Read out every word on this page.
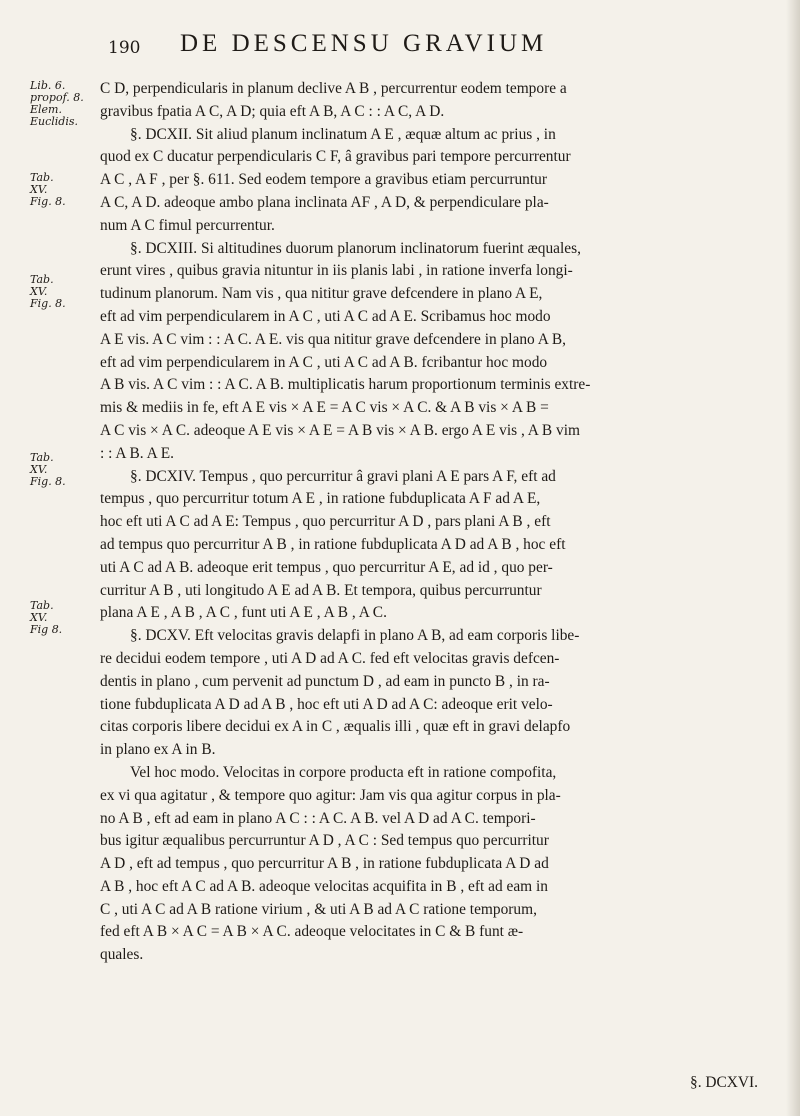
190 DE DESCENSU GRAVIUM
Lib. 6.
propof. 8.
Elem.
Euclidis.
Tab.
XV.
Fig. 8.
Tab.
XV.
Fig. 8.
Tab.
XV.
Fig. 8.
Tab.
XV.
Fig 8.

C D, perpendicularis in planum declive A B , percurrentur eodem tempore a
gravibus fpatia A C, A D; quia eft A B, A C : : A C, A D.

§. DCXII. Sit aliud planum inclinatum A E , æquæ altum ac prius , in
quod ex C ducatur perpendicularis C F, â gravibus pari tempore percurrentur
A C , A F , per §. 611. Sed eodem tempore a gravibus etiam percurruntur
A C, A D. adeoque ambo plana inclinata AF , A D, & perpendiculare pla-
num A C fimul percurrentur.

§. DCXIII. Si altitudines duorum planorum inclinatorum fuerint æquales,
erunt vires , quibus gravia nituntur in iis planis labi , in ratione inverfa longi-
tudinum planorum. Nam vis , qua nititur grave defcendere in plano A E,
eft ad vim perpendicularem in A C , uti A C ad A E. Scribamus hoc modo
A E vis. A C vim : : A C. A E. vis qua nititur grave defcendere in plano A B,
eft ad vim perpendicularem in A C , uti A C ad A B. fcribantur hoc modo
A B vis. A C vim : : A C. A B. multiplicatis harum proportionum terminis extre-
mis & mediis in fe, eft A E vis × A E = A C vis × A C. & A B vis × A B =
A C vis × A C. adeoque A E vis × A E = A B vis × A B. ergo A E vis , A B vim
: : A B. A E.

§. DCXIV. Tempus , quo percurritur â gravi plani A E pars A F, eft ad
tempus , quo percurritur totum A E , in ratione fubduplicata A F ad A E,
hoc eft uti A C ad A E: Tempus , quo percurritur A D , pars plani A B , eft
ad tempus quo percurritur A B , in ratione fubduplicata A D ad A B , hoc eft
uti A C ad A B. adeoque erit tempus , quo percurritur A E, ad id , quo per-
curritur A B , uti longitudo A E ad A B. Et tempora, quibus percurruntur
plana A E , A B , A C , funt uti A E , A B , A C.

§. DCXV. Eft velocitas gravis delapfi in plano A B, ad eam corporis libe-
re decidui eodem tempore , uti A D ad A C. fed eft velocitas gravis defcen-
dentis in plano , cum pervenit ad punctum D , ad eam in puncto B , in ra-
tione fubduplicata A D ad A B , hoc eft uti A D ad A C: adeoque erit velo-
citas corporis libere decidui ex A in C , æqualis illi , quæ eft in gravi delapfo
in plano ex A in B.

Vel hoc modo. Velocitas in corpore producta eft in ratione compofita,
ex vi qua agitatur , & tempore quo agitur: Jam vis qua agitur corpus in pla-
no A B , eft ad eam in plano A C : : A C. A B. vel A D ad A C. tempori-
bus igitur æqualibus percurruntur A D , A C : Sed tempus quo percurritur
A D , eft ad tempus , quo percurritur A B , in ratione fubduplicata A D ad
A B , hoc eft A C ad A B. adeoque velocitas acquifita in B , eft ad eam in
C , uti A C ad A B ratione virium , & uti A B ad A C ratione temporum,
fed eft A B × A C = A B × A C. adeoque velocitates in C & B funt æ-
quales.

§. DCXVI.
